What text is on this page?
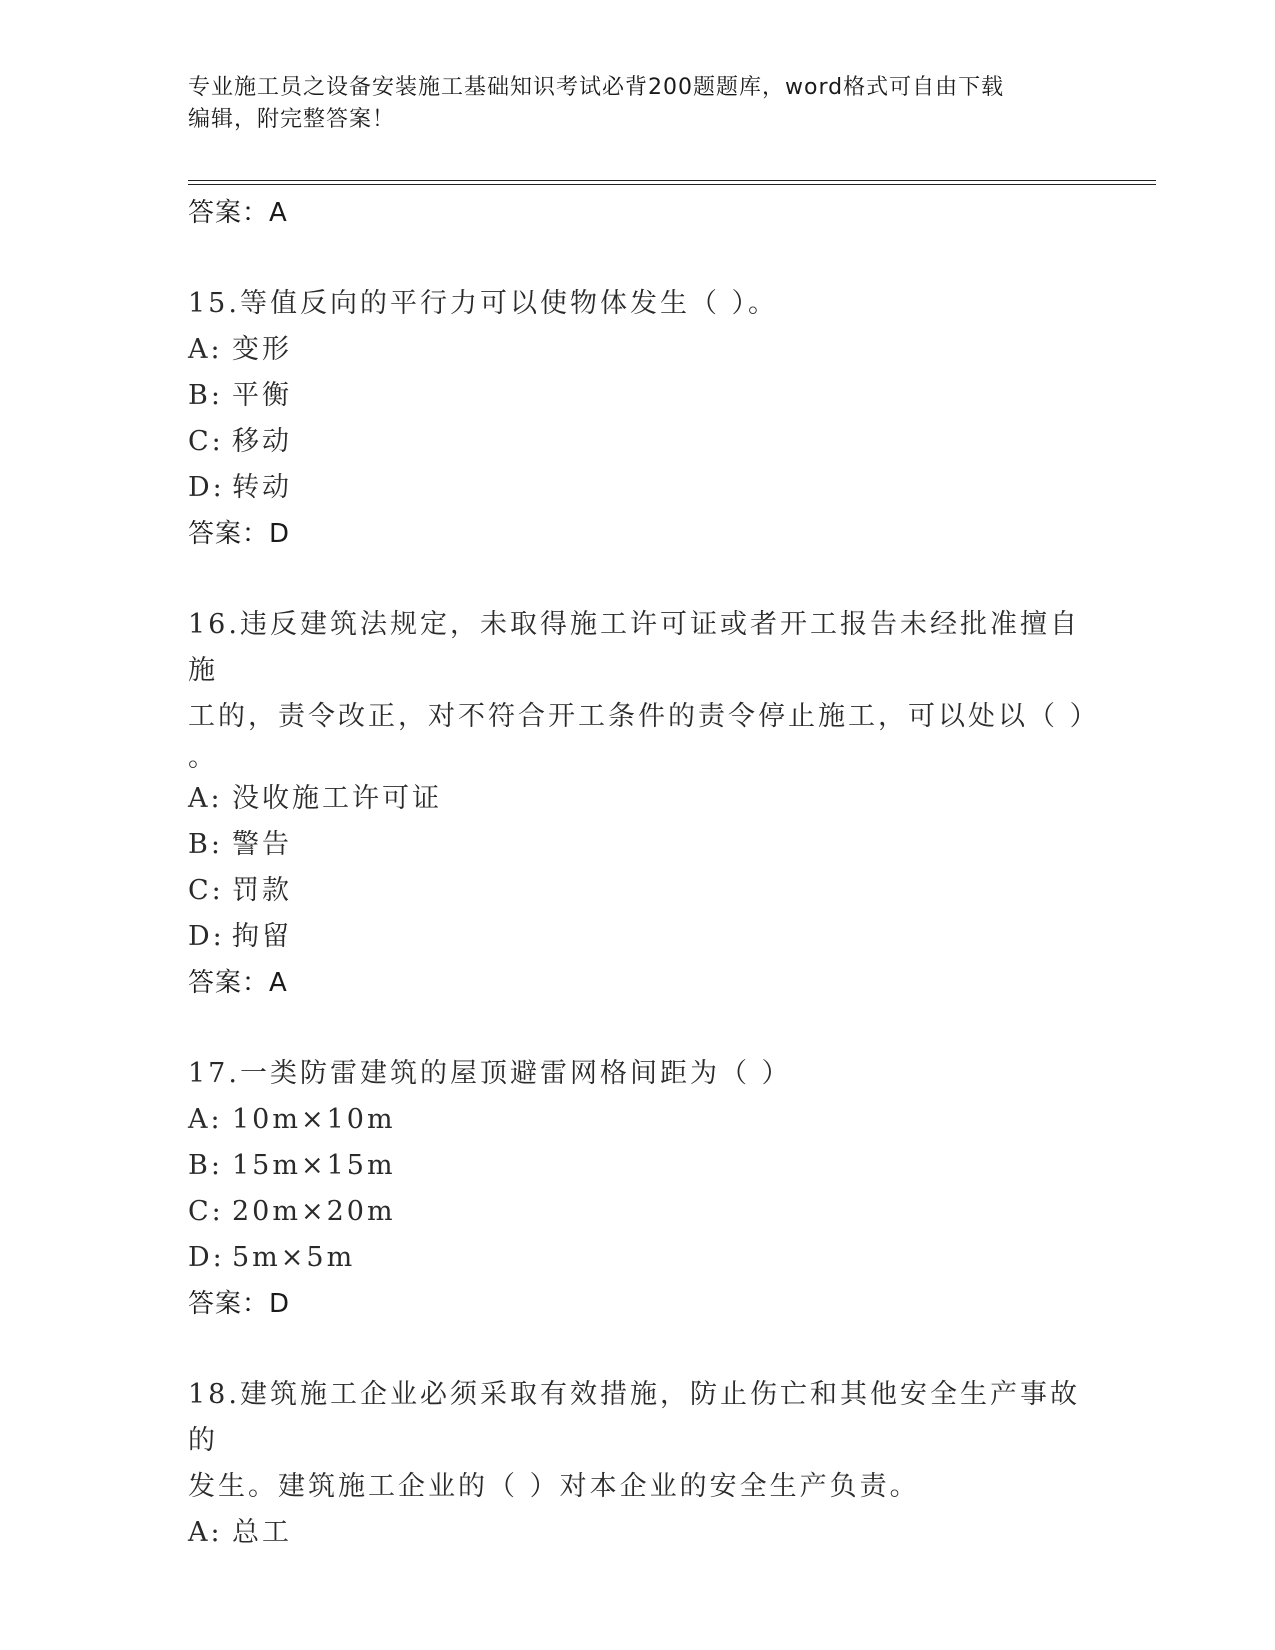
专业施工员之设备安装施工基础知识考试必背200题题库，word格式可自由下载
编辑，附完整答案！
答案：A
15.等值反向的平行力可以使物体发生（ ）。
A: 变形
B: 平衡
C: 移动
D: 转动
答案：D
16.违反建筑法规定，未取得施工许可证或者开工报告未经批准擅自施
工的，责令改正，对不符合开工条件的责令停止施工，可以处以（ ）
。
A: 没收施工许可证
B: 警告
C: 罚款
D: 拘留
答案：A
17.一类防雷建筑的屋顶避雷网格间距为（ ）
A: 10m×10m
B: 15m×15m
C: 20m×20m
D: 5m×5m
答案：D
18.建筑施工企业必须采取有效措施，防止伤亡和其他安全生产事故的
发生。建筑施工企业的（ ）对本企业的安全生产负责。
A: 总工
